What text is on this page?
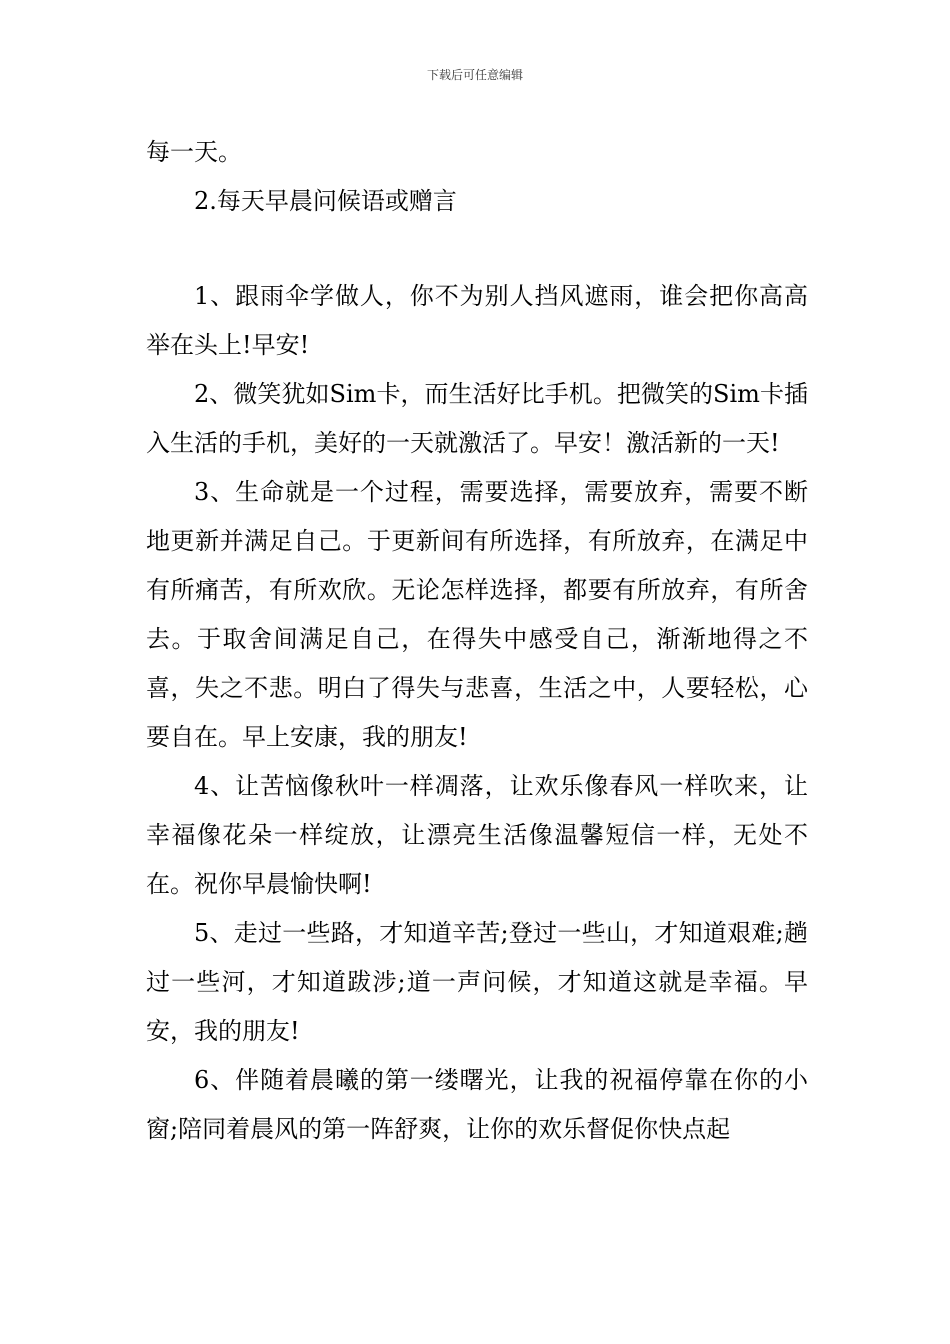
下载后可任意编辑

每一天。

2.每天早晨问候语或赠言

1、跟雨伞学做人，你不为别人挡风遮雨，谁会把你高高举在头上!早安!

2、微笑犹如Sim卡，而生活好比手机。把微笑的Sim卡插入生活的手机，美好的一天就激活了。早安！激活新的一天!

3、生命就是一个过程，需要选择，需要放弃，需要不断地更新并满足自己。于更新间有所选择，有所放弃，在满足中有所痛苦，有所欢欣。无论怎样选择，都要有所放弃，有所舍去。于取舍间满足自己，在得失中感受自己，渐渐地得之不喜，失之不悲。明白了得失与悲喜，生活之中，人要轻松，心要自在。早上安康，我的朋友!

4、让苦恼像秋叶一样凋落，让欢乐像春风一样吹来，让幸福像花朵一样绽放，让漂亮生活像温馨短信一样，无处不在。祝你早晨愉快啊!

5、走过一些路，才知道辛苦;登过一些山，才知道艰难;趟过一些河，才知道跋涉;道一声问候，才知道这就是幸福。早安，我的朋友!

6、伴随着晨曦的第一缕曙光，让我的祝福停靠在你的小窗;陪同着晨风的第一阵舒爽，让你的欢乐督促你快点起
